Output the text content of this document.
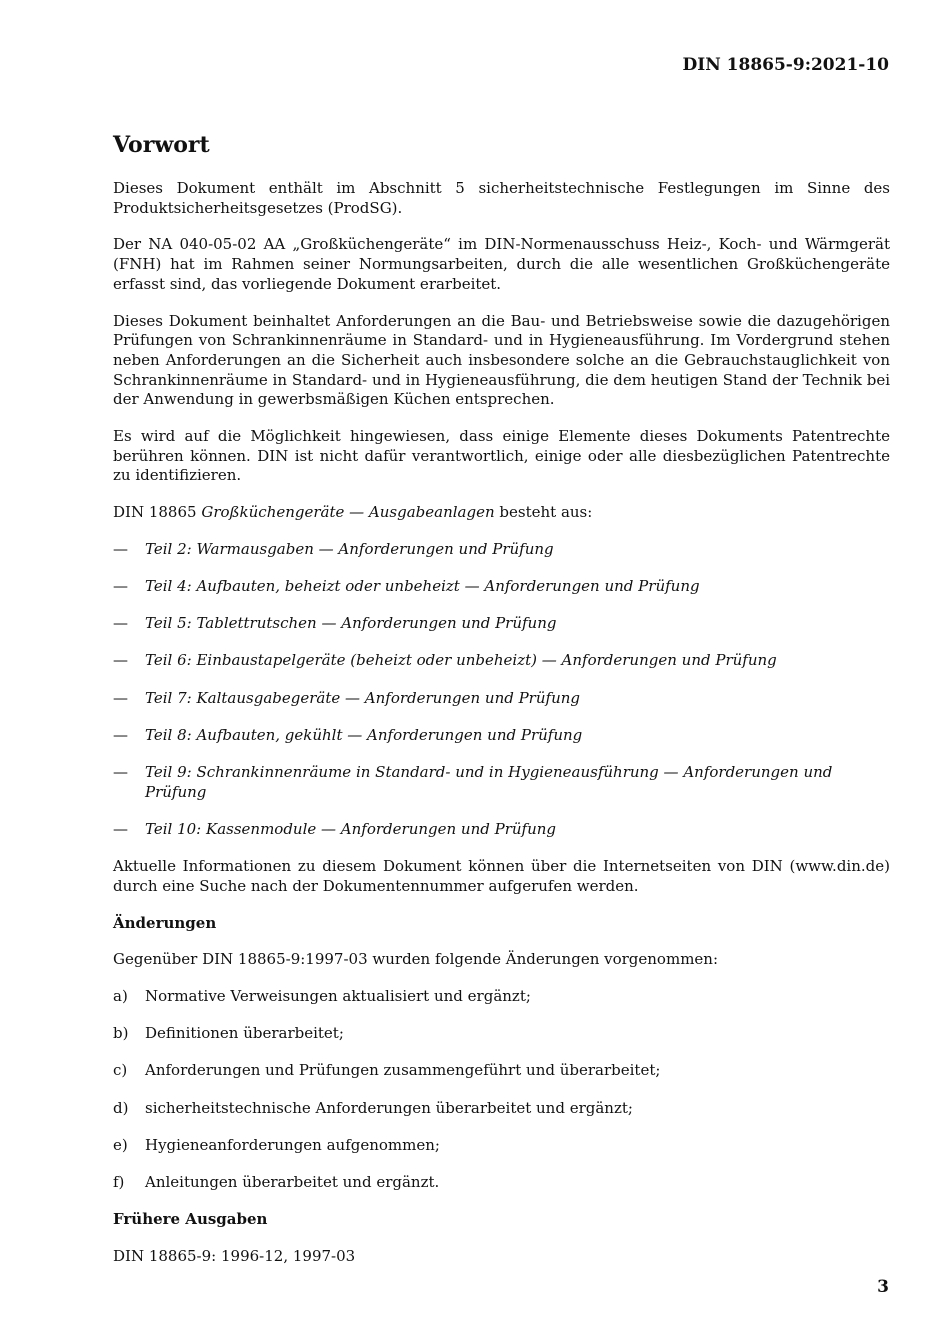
DIN 18865-9:2021-10
Vorwort

Dieses Dokument enthält im Abschnitt 5 sicherheitstechnische Festlegungen im Sinne des Produktsicherheitsgesetzes (ProdSG).

Der NA 040-05-02 AA „Großküchengeräte“ im DIN-Normenausschuss Heiz-, Koch- und Wärmgerät (FNH) hat im Rahmen seiner Normungsarbeiten, durch die alle wesentlichen Großküchengeräte erfasst sind, das vorliegende Dokument erarbeitet.

Dieses Dokument beinhaltet Anforderungen an die Bau- und Betriebsweise sowie die dazugehörigen Prüfungen von Schrankinnenräume in Standard- und in Hygieneausführung. Im Vordergrund stehen neben Anforderungen an die Sicherheit auch insbesondere solche an die Gebrauchstauglichkeit von Schrankinnenräume in Standard- und in Hygieneausführung, die dem heutigen Stand der Technik bei der Anwendung in gewerbsmäßigen Küchen entsprechen.

Es wird auf die Möglichkeit hingewiesen, dass einige Elemente dieses Dokuments Patentrechte berühren können. DIN ist nicht dafür verantwortlich, einige oder alle diesbezüglichen Patentrechte zu identifizieren.

DIN 18865 Großküchengeräte — Ausgabeanlagen besteht aus:

—	Teil 2: Warmausgaben — Anforderungen und Prüfung
—	Teil 4: Aufbauten, beheizt oder unbeheizt — Anforderungen und Prüfung
—	Teil 5: Tablettrutschen — Anforderungen und Prüfung
—	Teil 6: Einbaustapelgeräte (beheizt oder unbeheizt) — Anforderungen und Prüfung
—	Teil 7: Kaltausgabegeräte — Anforderungen und Prüfung
—	Teil 8: Aufbauten, gekühlt — Anforderungen und Prüfung
—	Teil 9: Schrankinnenräume in Standard- und in Hygieneausführung — Anforderungen und Prüfung
—	Teil 10: Kassenmodule — Anforderungen und Prüfung

Aktuelle Informationen zu diesem Dokument können über die Internetseiten von DIN (www.din.de) durch eine Suche nach der Dokumentennummer aufgerufen werden.

Änderungen

Gegenüber DIN 18865-9:1997-03 wurden folgende Änderungen vorgenommen:

a)	Normative Verweisungen aktualisiert und ergänzt;
b)	Definitionen überarbeitet;
c)	Anforderungen und Prüfungen zusammengeführt und überarbeitet;
d)	sicherheitstechnische Anforderungen überarbeitet und ergänzt;
e)	Hygieneanforderungen aufgenommen;
f)	Anleitungen überarbeitet und ergänzt.
Frühere Ausgaben

DIN 18865-9: 1996-12, 1997-03

3
